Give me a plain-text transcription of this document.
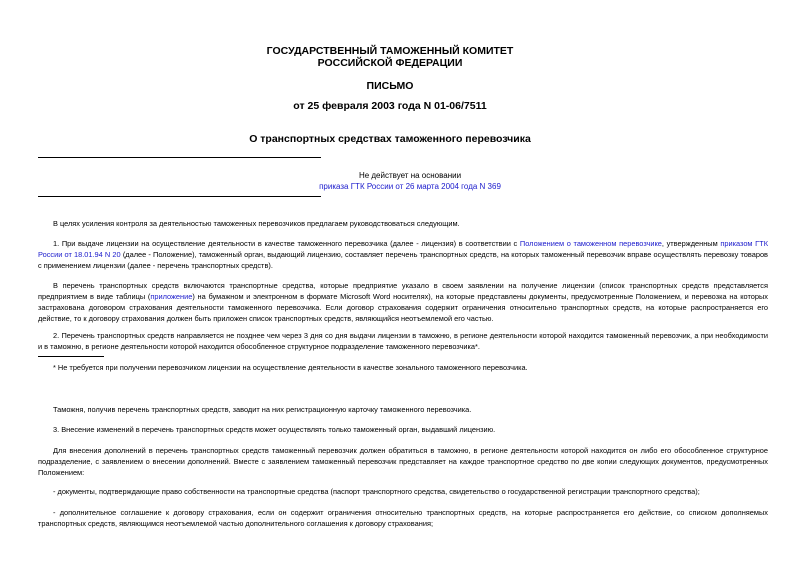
ГОСУДАРСТВЕННЫЙ ТАМОЖЕННЫЙ КОМИТЕТ
РОССИЙСКОЙ ФЕДЕРАЦИИ
ПИСЬМО
от 25 февраля 2003 года N 01-06/7511
О транспортных средствах таможенного перевозчика
Не действует на основании
приказа ГТК России от 26 марта 2004 года N 369
В целях усиления контроля за деятельностью таможенных перевозчиков предлагаем руководствоваться следующим.
1. При выдаче лицензии на осуществление деятельности в качестве таможенного перевозчика (далее - лицензия) в соответствии с Положением о таможенном перевозчике, утвержденным приказом ГТК России от 18.01.94 N 20 (далее - Положение), таможенный орган, выдающий лицензию, составляет перечень транспортных средств, на которых таможенный перевозчик вправе осуществлять перевозку товаров с применением лицензии (далее - перечень транспортных средств).
В перечень транспортных средств включаются транспортные средства, которые предприятие указало в своем заявлении на получение лицензии (список транспортных средств представляется предприятием в виде таблицы (приложение) на бумажном и электронном в формате Microsoft Word носителях), на которые представлены документы, предусмотренные Положением, и перевозка на которых застрахована договором страхования деятельности таможенного перевозчика. Если договор страхования содержит ограничения относительно транспортных средств, на которые распространяется его действие, то к договору страхования должен быть приложен список транспортных средств, являющийся неотъемлемой его частью.
2. Перечень транспортных средств направляется не позднее чем через 3 дня со дня выдачи лицензии в таможню, в регионе деятельности которой находится таможенный перевозчик, а при необходимости и в таможню, в регионе деятельности которой находится обособленное структурное подразделение таможенного перевозчика*.
* Не требуется при получении перевозчиком лицензии на осуществление деятельности в качестве зонального таможенного перевозчика.
Таможня, получив перечень транспортных средств, заводит на них регистрационную карточку таможенного перевозчика.
3. Внесение изменений в перечень транспортных средств может осуществлять только таможенный орган, выдавший лицензию.
Для внесения дополнений в перечень транспортных средств таможенный перевозчик должен обратиться в таможню, в регионе деятельности которой находится он либо его обособленное структурное подразделение, с заявлением о внесении дополнений. Вместе с заявлением таможенный перевозчик представляет на каждое транспортное средство по две копии следующих документов, предусмотренных Положением:
- документы, подтверждающие право собственности на транспортные средства (паспорт транспортного средства, свидетельство о государственной регистрации транспортного средства);
- дополнительное соглашение к договору страхования, если он содержит ограничения относительно транспортных средств, на которые распространяется его действие, со списком дополняемых транспортных средств, являющимся неотъемлемой частью дополнительного соглашения к договору страхования;
